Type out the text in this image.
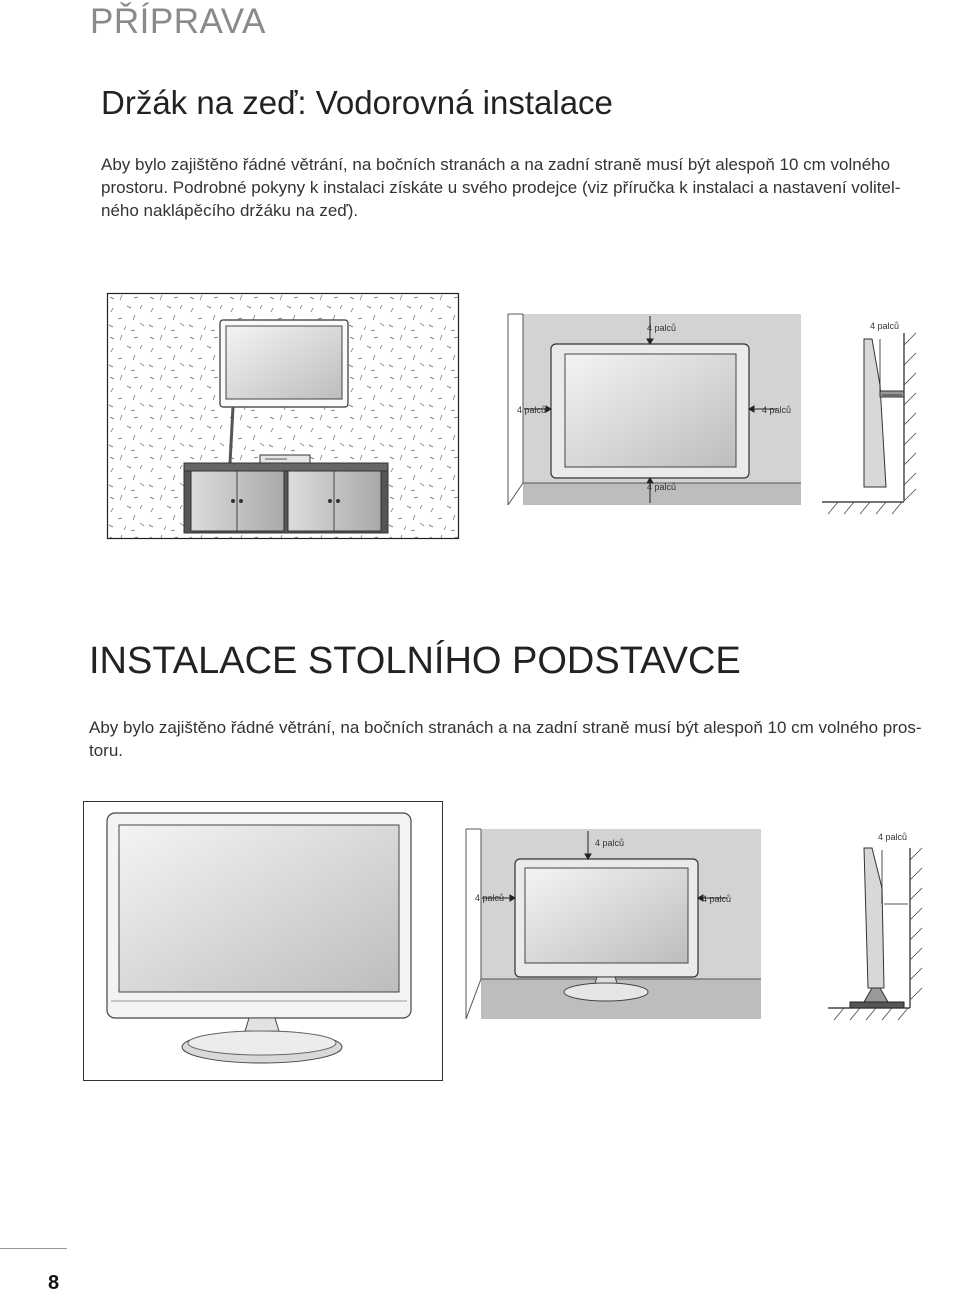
PŘÍPRAVA
Držák na zeď: Vodorovná instalace
Aby bylo zajištěno řádné větrání, na bočních stranách a na zadní straně musí být alespoň 10 cm volného
prostoru. Podrobné pokyny k instalaci získáte u svého prodejce (viz příručka k instalaci a nastavení volitel-
ného naklápěcího držáku na zeď).
4 palců
4 palců	4 palců
4 palců
4 palců
INSTALACE STOLNÍHO PODSTAVCE
Aby bylo zajištěno řádné větrání, na bočních stranách a na zadní straně musí být alespoň 10 cm volného pros-
toru.
4 palců
4 palců	4 palců
4 palců
8
